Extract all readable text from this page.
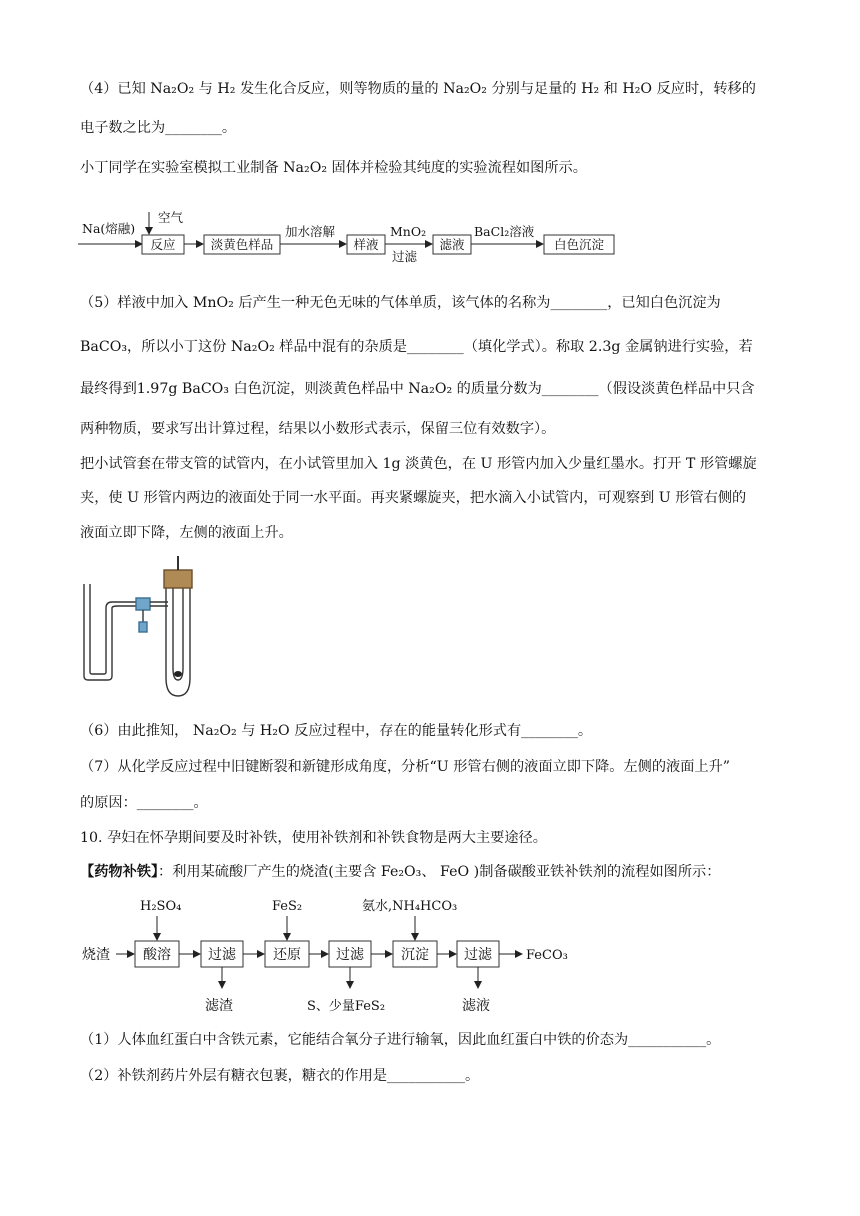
（4）已知 Na₂O₂ 与 H₂ 发生化合反应，则等物质的量的 Na₂O₂ 分别与足量的 H₂ 和 H₂O 反应时，转移的
电子数之比为________。
小丁同学在实验室模拟工业制备 Na₂O₂ 固体并检验其纯度的实验流程如图所示。
Na(熔融)
空气
反应	淡黄色样品
加水溶解
样液
MnO₂
过滤
滤液
BaCl₂溶液
白色沉淀
（5）样液中加入 MnO₂ 后产生一种无色无味的气体单质，该气体的名称为________，已知白色沉淀为
BaCO₃，所以小丁这份 Na₂O₂ 样品中混有的杂质是________（填化学式）。称取 2.3g 金属钠进行实验，若
最终得到1.97g BaCO₃ 白色沉淀，则淡黄色样品中 Na₂O₂ 的质量分数为________（假设淡黄色样品中只含
两种物质，要求写出计算过程，结果以小数形式表示，保留三位有效数字）。
把小试管套在带支管的试管内，在小试管里加入 1g 淡黄色，在 U 形管内加入少量红墨水。打开 T 形管螺旋
夹，使 U 形管内两边的液面处于同一水平面。再夹紧螺旋夹，把水滴入小试管内，可观察到 U 形管右侧的
液面立即下降，左侧的液面上升。
（6）由此推知， Na₂O₂ 与 H₂O 反应过程中，存在的能量转化形式有________。
（7）从化学反应过程中旧键断裂和新键形成角度，分析“U 形管右侧的液面立即下降。左侧的液面上升”
的原因：________。
10. 孕妇在怀孕期间要及时补铁，使用补铁剂和补铁食物是两大主要途径。
【药物补铁】：利用某硫酸厂产生的烧渣(主要含 Fe₂O₃、 FeO )制备碳酸亚铁补铁剂的流程如图所示：
烧渣 酸溶	过滤	还原	过滤	沉淀	过滤	FeCO₃
H₂SO₄	FeS₂	氨水,NH₄HCO₃
滤渣	S、少量FeS₂	滤液
（1）人体血红蛋白中含铁元素，它能结合氧分子进行输氧，因此血红蛋白中铁的价态为___________。
（2）补铁剂药片外层有糖衣包裹，糖衣的作用是___________。
